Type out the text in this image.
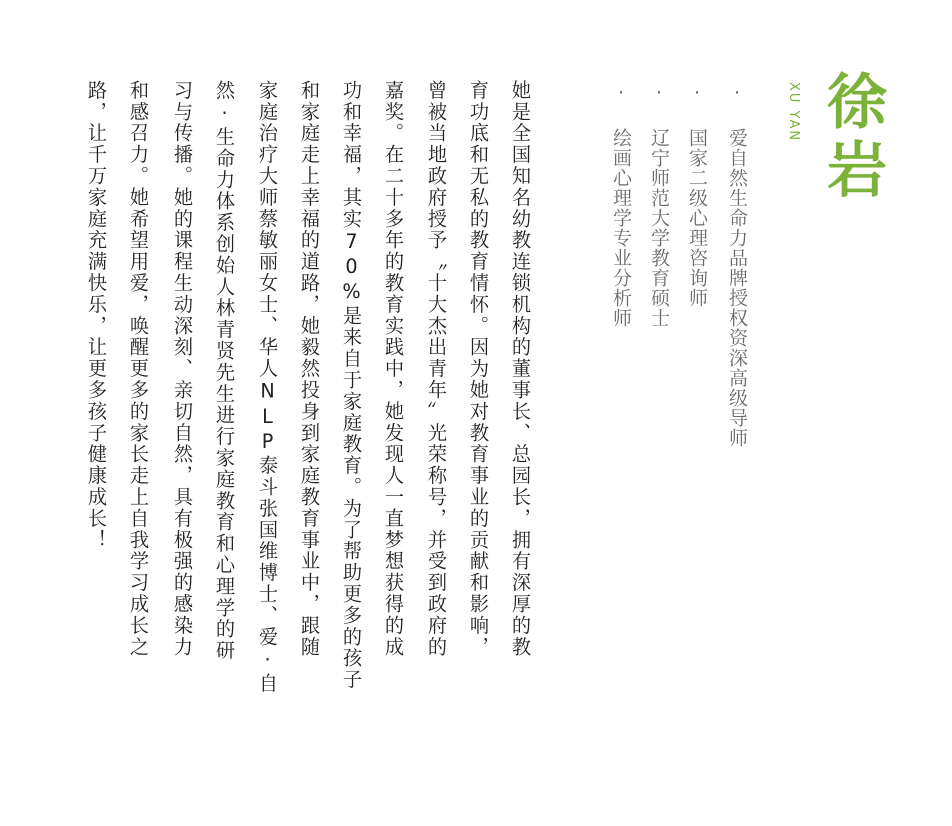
徐岩
XU YAN
· 爱自然生命力品牌授权资深高级导师
· 国家二级心理咨询师
· 辽宁师范大学教育硕士
· 绘画心理学专业分析师
她是全国知名幼教连锁机构的董事长、总园长，拥有深厚的教
育功底和无私的教育情怀。因为她对教育事业的贡献和影响，
曾被当地政府授予〝十大杰出青年〞光荣称号，并受到政府的
嘉奖。在二十多年的教育实践中，她发现人一直梦想获得的成
功和幸福，其实70%是来自于家庭教育。为了帮助更多的孩子
和家庭走上幸福的道路，她毅然投身到家庭教育事业中，跟随
家庭治疗大师蔡敏丽女士、华人NLP泰斗张国维博士、爱·自
然·生命力体系创始人林青贤先生进行家庭教育和心理学的研
习与传播。她的课程生动深刻、亲切自然，具有极强的感染力
和感召力。她希望用爱，唤醒更多的家长走上自我学习成长之
路，让千万家庭充满快乐，让更多孩子健康成长！
